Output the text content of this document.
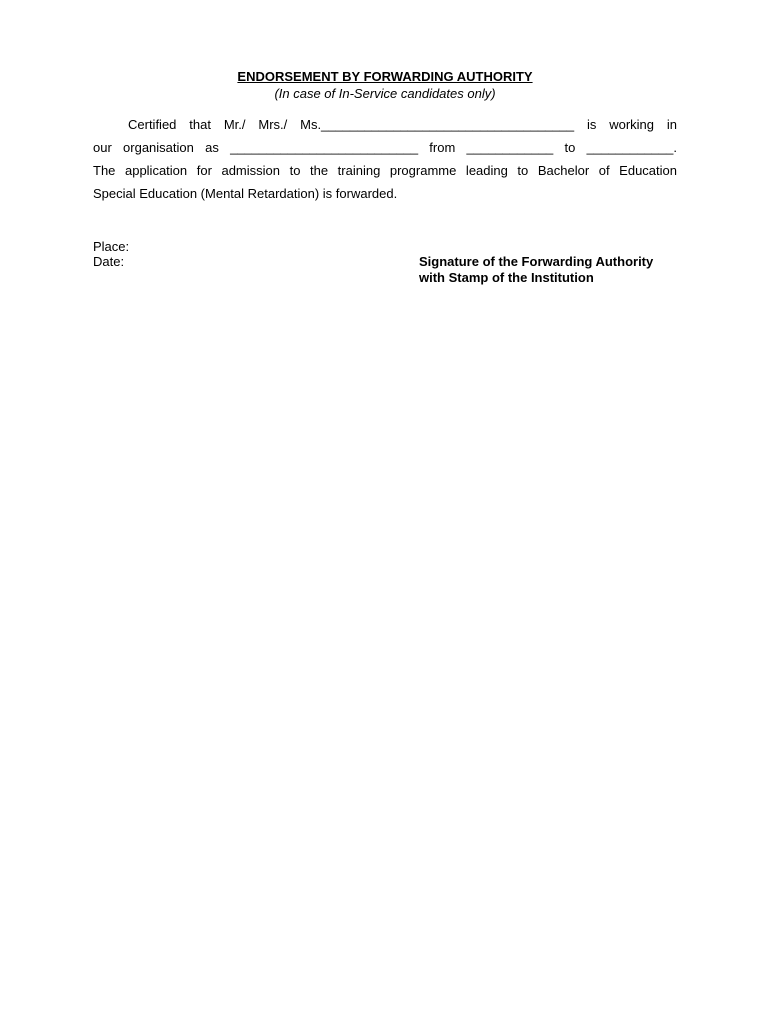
ENDORSEMENT BY FORWARDING AUTHORITY
(In case of In-Service candidates only)
Certified that Mr./ Mrs./ Ms.___________________________________ is working in
our organisation as __________________________ from ____________ to ____________.
The application for admission to the training programme leading to Bachelor of Education
Special Education (Mental Retardation) is forwarded.
Place:
Date:	Signature of the Forwarding Authority
with Stamp of the Institution
